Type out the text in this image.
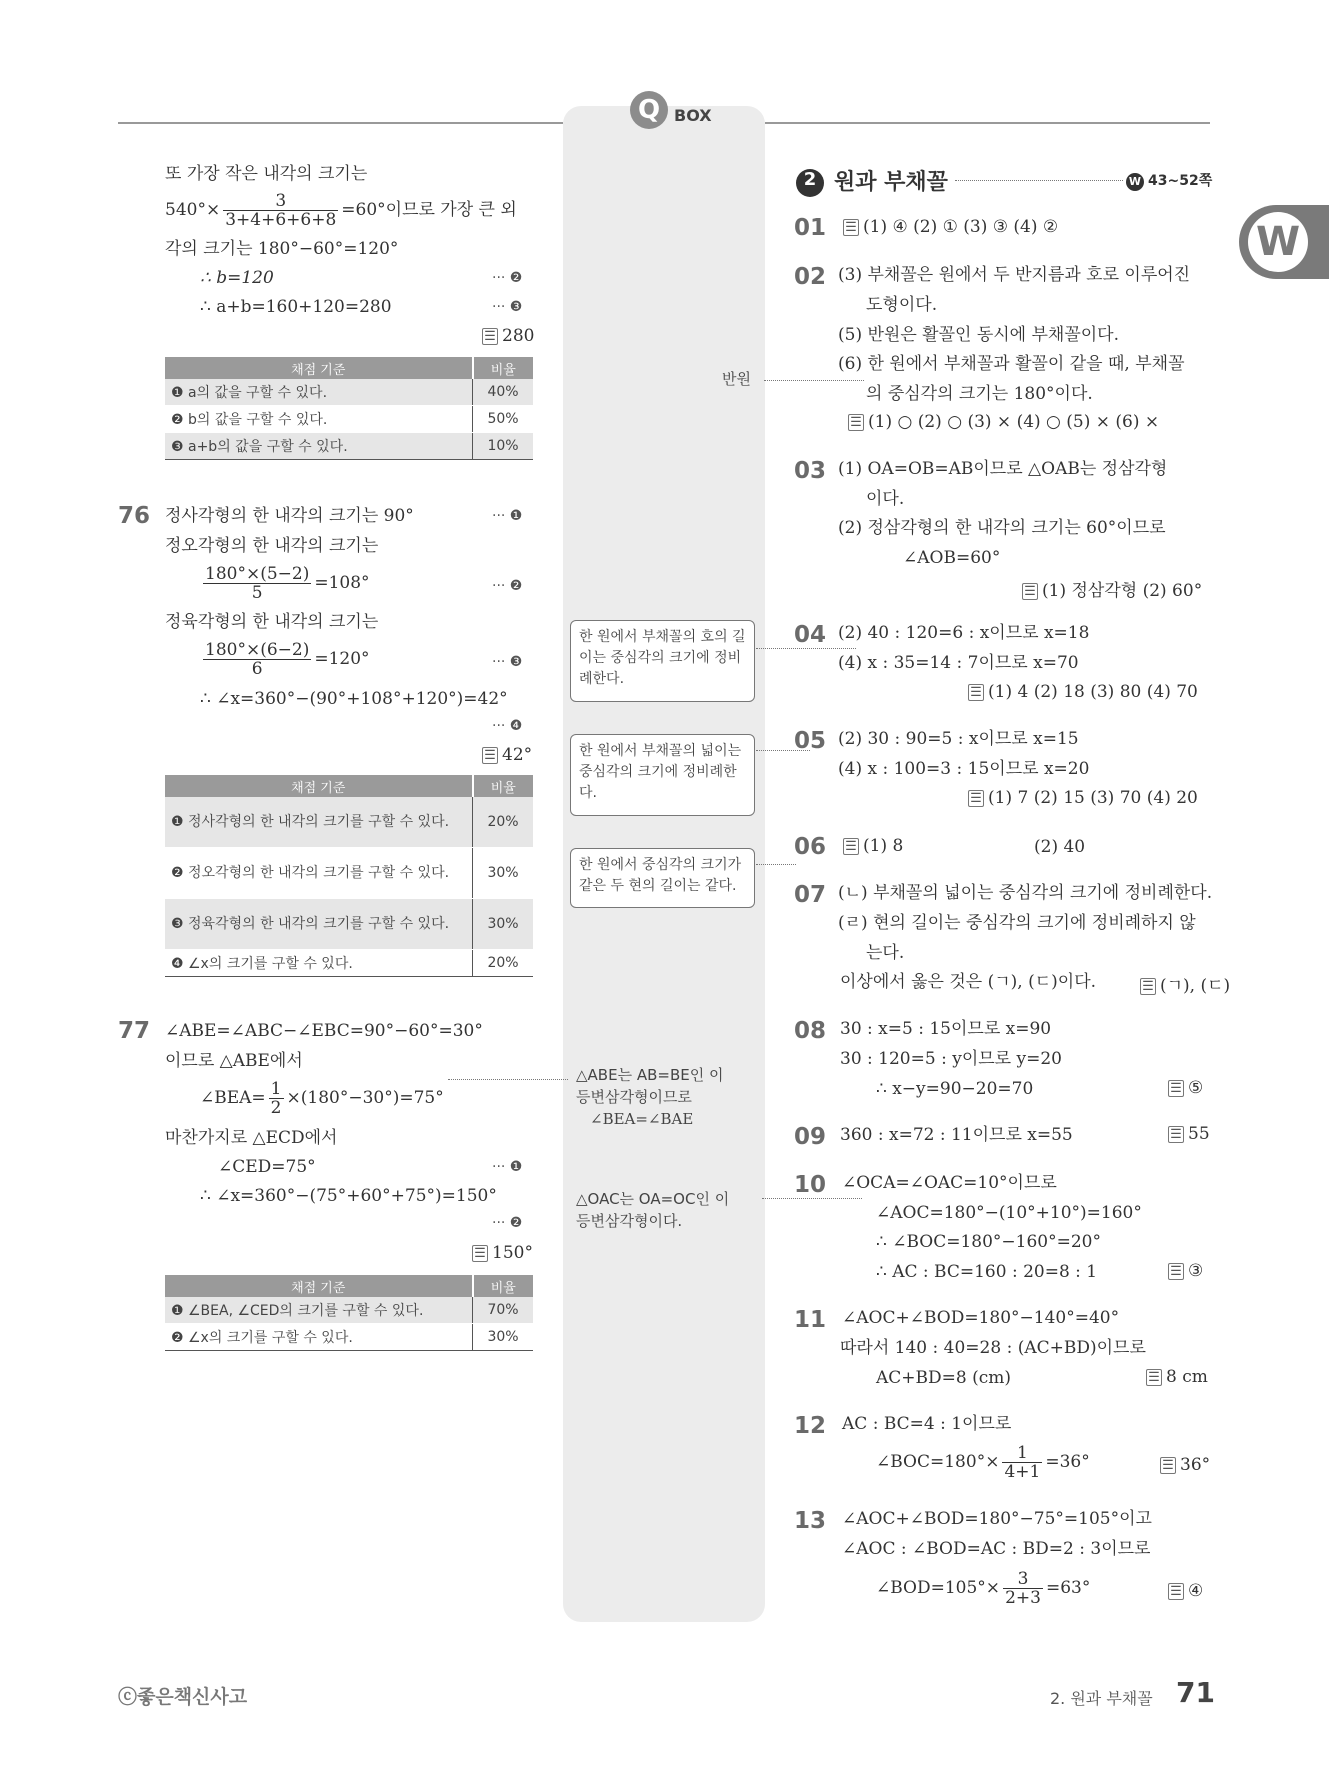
Q BOX
W
또 가장 작은 내각의 크기는
$540^\circ\times \frac{3}{3+4+6+6+8} =60^\circ$이므로 가장 큰 외
각의 크기는 180°−60°=120°
∴ b=120	··· ❷
∴ a+b=160+120=280	··· ❸
☰ 280
채점 기준	비율
❶ a의 값을 구할 수 있다.	40%
❷ b의 값을 구할 수 있다.	50%
❸ a+b의 값을 구할 수 있다.	10%
76 정사각형의 한 내각의 크기는 90°	··· ❶
정오각형의 한 내각의 크기는
$\frac{180^\circ\times(5-2)}{5} =108^\circ$	··· ❷
정육각형의 한 내각의 크기는
$\frac{180^\circ\times(6-2)}{6} =120^\circ$	··· ❸
∴ ∠x=360°−(90°+108°+120°)=42°
··· ❹
☰ 42°
채점 기준	비율
❶ 정사각형의 한 내각의 크기를 구할 수 있다.	20%
❷ 정오각형의 한 내각의 크기를 구할 수 있다.	30%
❸ 정육각형의 한 내각의 크기를 구할 수 있다.	30%
❹ ∠x의 크기를 구할 수 있다.	20%
77 ∠ABE=∠ABC−∠EBC=90°−60°=30°
이므로 △ABE에서
∠BEA= $\frac{1}{2} \times(180^\circ-30^\circ)=75^\circ$
마찬가지로 △ECD에서
∠CED=75°	··· ❶
∴ ∠x=360°−(75°+60°+75°)=150°
··· ❷
☰ 150°
채점 기준	비율
❶ ∠BEA, ∠CED의 크기를 구할 수 있다.	70%
❷ ∠x의 크기를 구할 수 있다.	30%
반원
한 원에서 부채꼴의 호의 길이는 중심각의 크기에 정비례한다.
한 원에서 부채꼴의 넓이는 중심각의 크기에 정비례한다.
한 원에서 중심각의 크기가 같은 두 현의 길이는 같다.
△ABE는 AB=BE인 이
등변삼각형이므로
∠BEA=∠BAE
△OAC는 OA=OC인 이
등변삼각형이다.
2 원과 부채꼴	W 43~52쪽
01	☰ (1) ④ (2) ① (3) ③ (4) ②
02 (3) 부채꼴은 원에서 두 반지름과 호로 이루어진
도형이다.
(5) 반원은 활꼴인 동시에 부채꼴이다.
(6) 한 원에서 부채꼴과 활꼴이 같을 때, 부채꼴
의 중심각의 크기는 180°이다.
☰ (1) ○ (2) ○ (3) × (4) ○ (5) × (6) ×
03 (1) OA=OB=AB이므로 △OAB는 정삼각형
이다.
(2) 정삼각형의 한 내각의 크기는 60°이므로
∠AOB=60°
☰ (1) 정삼각형 (2) 60°
04 (2) 40 : 120=6 : x이므로 x=18
(4) x : 35=14 : 7이므로 x=70
☰ (1) 4 (2) 18 (3) 80 (4) 70
05 (2) 30 : 90=5 : x이므로 x=15
(4) x : 100=3 : 15이므로 x=20
☰ (1) 7 (2) 15 (3) 70 (4) 20
06	☰ (1) 8	(2) 40
07 (ㄴ) 부채꼴의 넓이는 중심각의 크기에 정비례한다.
(ㄹ) 현의 길이는 중심각의 크기에 정비례하지 않
는다.
이상에서 옳은 것은 (ㄱ), (ㄷ)이다.	☰ (ㄱ), (ㄷ)
08 30 : x=5 : 15이므로 x=90
30 : 120=5 : y이므로 y=20
∴ x−y=90−20=70	☰ ⑤
09 360 : x=72 : 11이므로 x=55	☰ 55
10 ∠OCA=∠OAC=10°이므로
∠AOC=180°−(10°+10°)=160°
∴ ∠BOC=180°−160°=20°
∴ AC : BC=160 : 20=8 : 1	☰ ③
11 ∠AOC+∠BOD=180°−140°=40°
따라서 140 : 40=28 : (AC+BD)이므로
AC+BD=8 (cm)	☰ 8 cm
12 AC : BC=4 : 1이므로
∠BOC=180°× $\frac{1}{4+1} =36^\circ$	☰ 36°
13 ∠AOC+∠BOD=180°−75°=105°이고
∠AOC : ∠BOD=AC : BD=2 : 3이므로
∠BOD=105°× $\frac{3}{2+3} =63^\circ$	☰ ④
ⓒ좋은책신사고	2. 원과 부채꼴 71
